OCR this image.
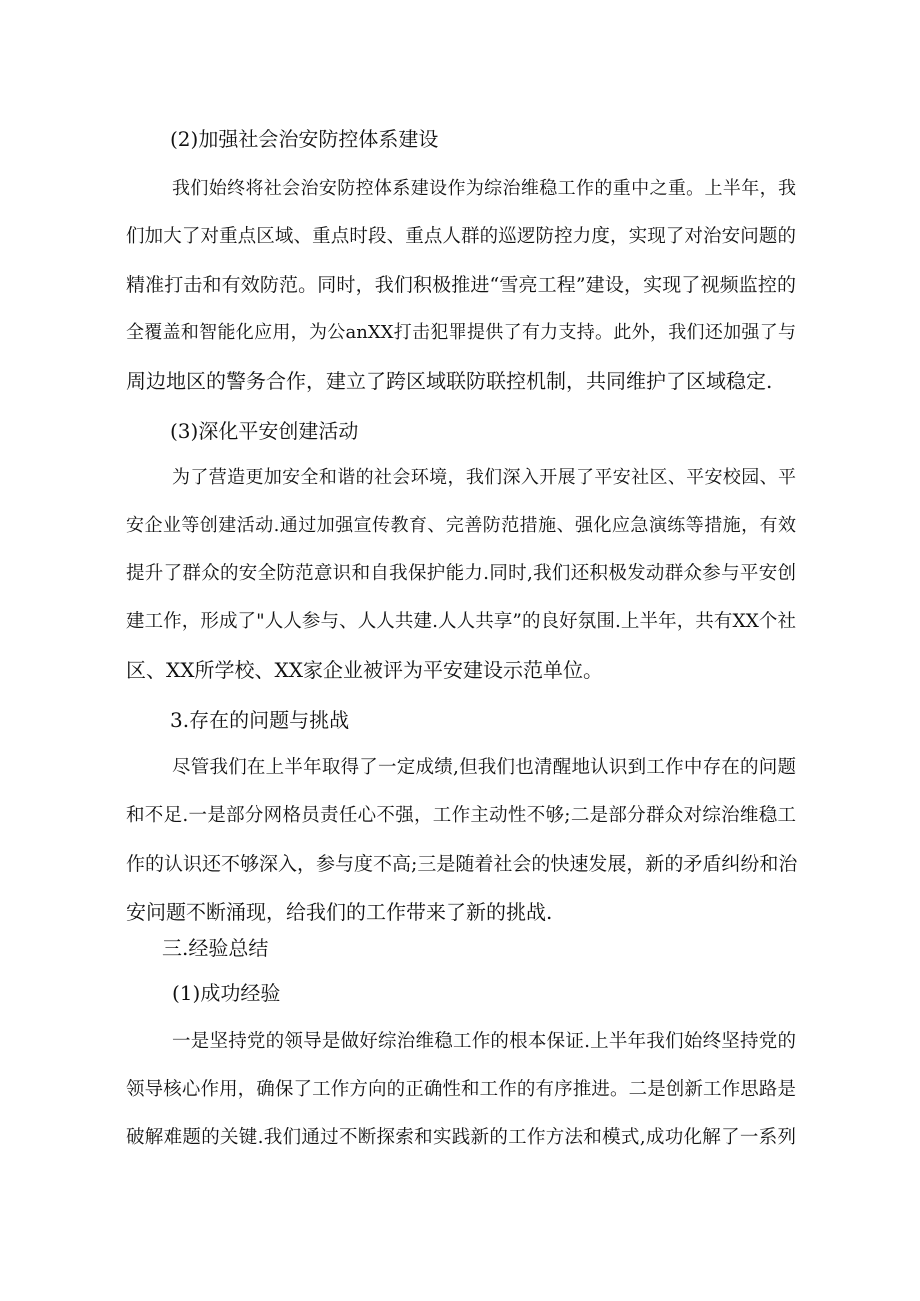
(2)加强社会治安防控体系建设
我们始终将社会治安防控体系建设作为综治维稳工作的重中之重。上半年，我
们加大了对重点区域、重点时段、重点人群的巡逻防控力度，实现了对治安问题的
精准打击和有效防范。同时，我们积极推进“雪亮工程”建设，实现了视频监控的
全覆盖和智能化应用，为公anXX打击犯罪提供了有力支持。此外，我们还加强了与
周边地区的警务合作，建立了跨区域联防联控机制，共同维护了区域稳定.
(3)深化平安创建活动
为了营造更加安全和谐的社会环境，我们深入开展了平安社区、平安校园、平
安企业等创建活动.通过加强宣传教育、完善防范措施、强化应急演练等措施，有效
提升了群众的安全防范意识和自我保护能力.同时,我们还积极发动群众参与平安创
建工作，形成了"人人参与、人人共建.人人共享”的良好氛围.上半年，共有XX个社
区、XX所学校、XX家企业被评为平安建设示范单位。
3.存在的问题与挑战
尽管我们在上半年取得了一定成绩,但我们也清醒地认识到工作中存在的问题
和不足.一是部分网格员责任心不强，工作主动性不够;二是部分群众对综治维稳工
作的认识还不够深入，参与度不高;三是随着社会的快速发展，新的矛盾纠纷和治
安问题不断涌现，给我们的工作带来了新的挑战.
三.经验总结
(1)成功经验
一是坚持党的领导是做好综治维稳工作的根本保证.上半年我们始终坚持党的
领导核心作用，确保了工作方向的正确性和工作的有序推进。二是创新工作思路是
破解难题的关键.我们通过不断探索和实践新的工作方法和模式,成功化解了一系列
